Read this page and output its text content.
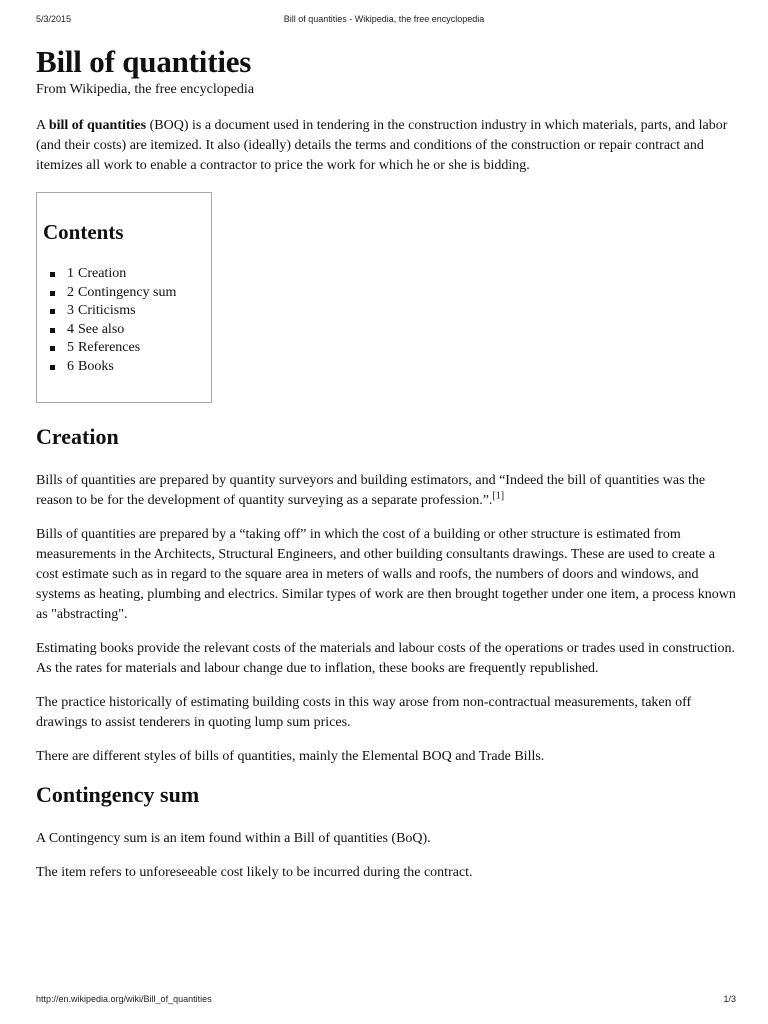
5/3/2015	Bill of quantities - Wikipedia, the free encyclopedia
Bill of quantities
From Wikipedia, the free encyclopedia

A bill of quantities (BOQ) is a document used in tendering in the construction industry in which materials, parts, and labor (and their costs) are itemized. It also (ideally) details the terms and conditions of the construction or repair contract and itemizes all work to enable a contractor to price the work for which he or she is bidding.

Contents
1 Creation
2 Contingency sum
3 Criticisms
4 See also
5 References
6 Books
Creation

Bills of quantities are prepared by quantity surveyors and building estimators, and “Indeed the bill of quantities was the reason to be for the development of quantity surveying as a separate profession.”.[1]

Bills of quantities are prepared by a “taking off” in which the cost of a building or other structure is estimated from measurements in the Architects, Structural Engineers, and other building consultants drawings. These are used to create a cost estimate such as in regard to the square area in meters of walls and roofs, the numbers of doors and windows, and systems as heating, plumbing and electrics. Similar types of work are then brought together under one item, a process known as "abstracting".

Estimating books provide the relevant costs of the materials and labour costs of the operations or trades used in construction. As the rates for materials and labour change due to inflation, these books are frequently republished.

The practice historically of estimating building costs in this way arose from non-contractual measurements, taken off drawings to assist tenderers in quoting lump sum prices.

There are different styles of bills of quantities, mainly the Elemental BOQ and Trade Bills.

Contingency sum

A Contingency sum is an item found within a Bill of quantities (BoQ).

The item refers to unforeseeable cost likely to be incurred during the contract.

http://en.wikipedia.org/wiki/Bill_of_quantities	1/3
